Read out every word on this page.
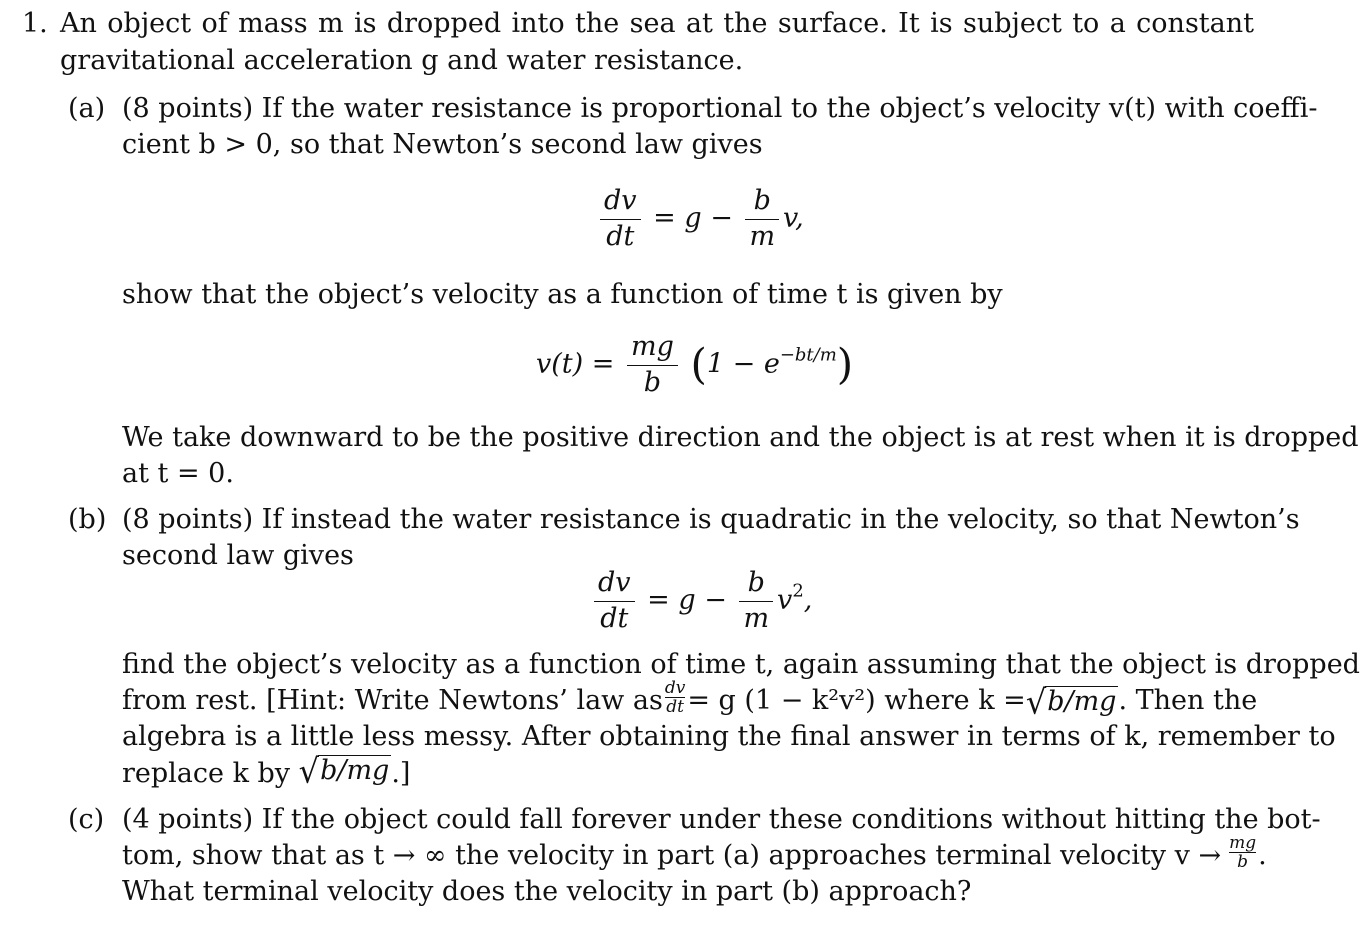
1. An object of mass m is dropped into the sea at the surface. It is subject to a constant
gravitational acceleration g and water resistance.
(a) (8 points) If the water resistance is proportional to the object’s velocity v(t) with coeffi-
cient b > 0, so that Newton’s second law gives
$\frac{dv}{dt} = g - \frac{b}{m} v$,
show that the object’s velocity as a function of time t is given by
$v(t) = \frac{mg}{b} (1 - e^{-bt/m})$
We take downward to be the positive direction and the object is at rest when it is dropped
at t = 0.
(b) (8 points) If instead the water resistance is quadratic in the velocity, so that Newton’s
second law gives
$\frac{dv}{dt} = g - \frac{b}{m} v^2$,
find the object’s velocity as a function of time t, again assuming that the object is dropped
from rest. [Hint: Write Newtons’ law as dv
dt = g (1 − k²v²) where k = √ b/mg . Then the
algebra is a little less messy. After obtaining the final answer in terms of k, remember to
replace k by √ b/mg .]
(c) (4 points) If the object could fall forever under these conditions without hitting the bot-
tom, show that as t → ∞ the velocity in part (a) approaches terminal velocity v → mg
b .
What terminal velocity does the velocity in part (b) approach?
